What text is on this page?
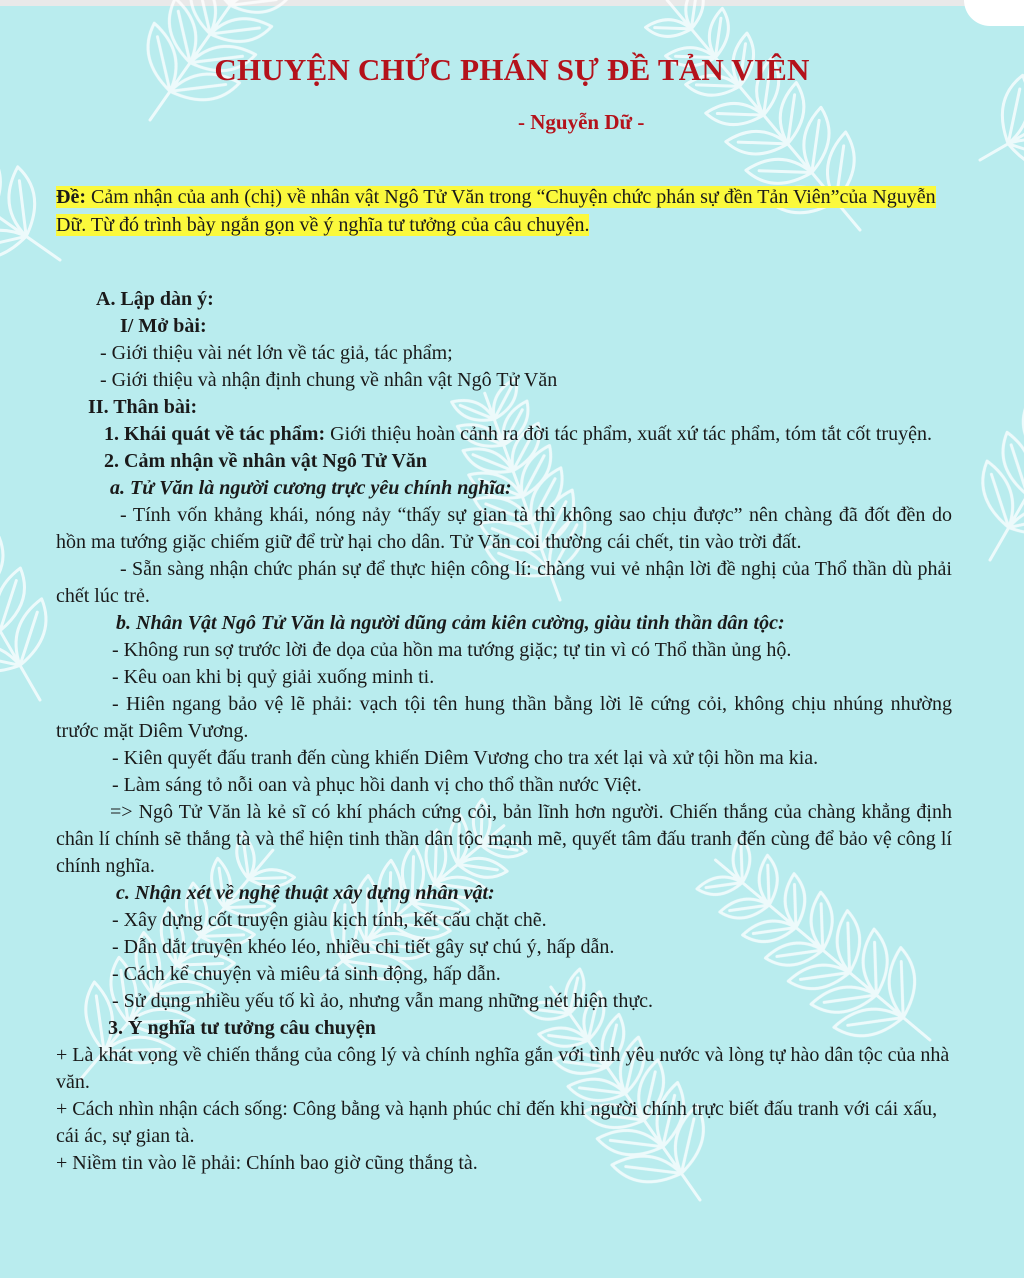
CHUYỆN CHỨC PHÁN SỰ ĐỀ TẢN VIÊN
- Nguyễn Dữ -
Đề: Cảm nhận của anh (chị) về nhân vật Ngô Tử Văn trong “Chuyện chức phán sự đền Tản Viên”của Nguyễn Dữ. Từ đó trình bày ngắn gọn về ý nghĩa tư tưởng của câu chuyện.

A. Lập dàn ý:

I/ Mở bài:

- Giới thiệu vài nét lớn về tác giả, tác phẩm;

- Giới thiệu và nhận định chung về nhân vật Ngô Tử Văn

II. Thân bài:

1. Khái quát về tác phẩm: Giới thiệu hoàn cảnh ra đời tác phẩm, xuất xứ tác phẩm, tóm tắt cốt truyện.

2. Cảm nhận về nhân vật Ngô Tử Văn

a. Tử Văn là người cương trực yêu chính nghĩa:

- Tính vốn khảng khái, nóng nảy “thấy sự gian tà thì không sao chịu được” nên chàng đã đốt đền do hồn ma tướng giặc chiếm giữ để trừ hại cho dân. Tử Văn coi thường cái chết, tin vào trời đất.

- Sẵn sàng nhận chức phán sự để thực hiện công lí: chàng vui vẻ nhận lời đề nghị của Thổ thần dù phải chết lúc trẻ.

b. Nhân Vật Ngô Tử Văn là người dũng cảm kiên cường, giàu tinh thần dân tộc:

- Không run sợ trước lời đe dọa của hồn ma tướng giặc; tự tin vì có Thổ thần ủng hộ.

- Kêu oan khi bị quỷ giải xuống minh ti.

- Hiên ngang bảo vệ lẽ phải: vạch tội tên hung thần bằng lời lẽ cứng cỏi, không chịu nhúng nhường trước mặt Diêm Vương.

- Kiên quyết đấu tranh đến cùng khiến Diêm Vương cho tra xét lại và xử tội hồn ma kia.

- Làm sáng tỏ nỗi oan và phục hồi danh vị cho thổ thần nước Việt.

=> Ngô Tử Văn là kẻ sĩ có khí phách cứng cỏi, bản lĩnh hơn người. Chiến thắng của chàng khẳng định chân lí chính sẽ thắng tà và thể hiện tinh thần dân tộc mạnh mẽ, quyết tâm đấu tranh đến cùng để bảo vệ công lí chính nghĩa.

c. Nhận xét về nghệ thuật xây dựng nhân vật:

- Xây dựng cốt truyện giàu kịch tính, kết cấu chặt chẽ.

- Dẫn dắt truyện khéo léo, nhiều chi tiết gây sự chú ý, hấp dẫn.

- Cách kể chuyện và miêu tả sinh động, hấp dẫn.

- Sử dụng nhiều yếu tố kì ảo, nhưng vẫn mang những nét hiện thực.

3. Ý nghĩa tư tưởng câu chuyện

+ Là khát vọng về chiến thắng của công lý và chính nghĩa gắn với tình yêu nước và lòng tự hào dân tộc của nhà văn.

+ Cách nhìn nhận cách sống: Công bằng và hạnh phúc chỉ đến khi người chính trực biết đấu tranh với cái xấu, cái ác, sự gian tà.

+ Niềm tin vào lẽ phải: Chính bao giờ cũng thắng tà.
